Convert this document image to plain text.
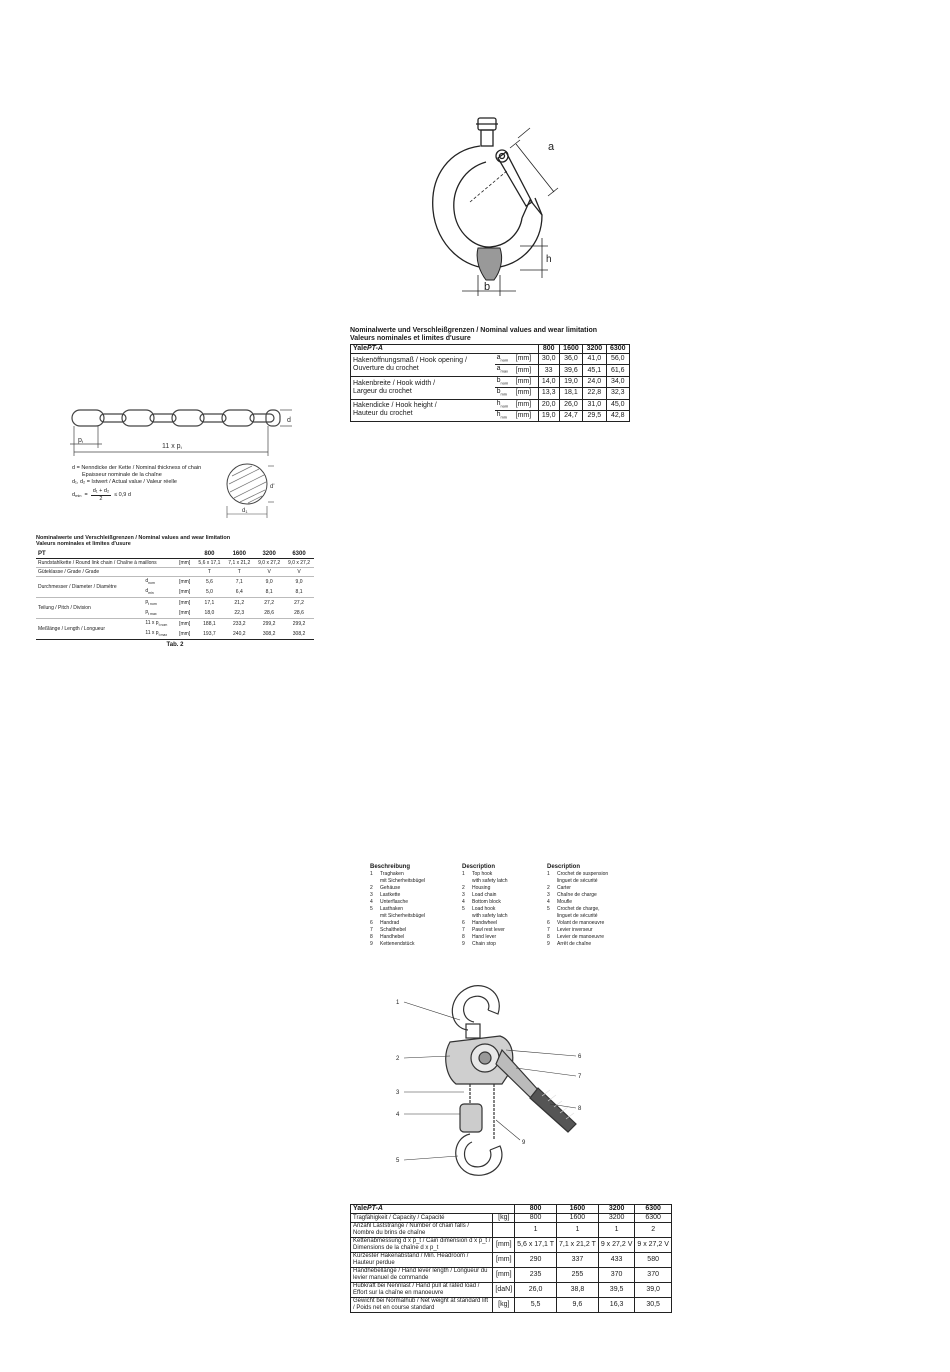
a
h
b
Nominalwerte und Verschleißgrenzen / Nominal values and wear limitation
Valeurs nominales et limites d'usure
YalePT-A			800	1600	3200	6300
Hakenöffnungsmaß / Hook opening /
Ouverture du crochet	$a_{nom}$	[mm]	30,0	36,0	41,0	56,0
	$a_{max}$	[mm]	33	39,6	45,1	61,6
Hakenbreite / Hook width /
Largeur du crochet	$b_{nom}$	[mm]	14,0	19,0	24,0	34,0
	$b_{min}$	[mm]	13,3	18,1	22,8	32,3
Hakendicke / Hook height /
Hauteur du crochet	$h_{nom}$	[mm]	20,0	26,0	31,0	45,0
	$h_{min}$	[mm]	19,0	24,7	29,5	42,8
d
pt
11 x pt
d1
d'
d = Nenndicke der Kette / Nominal thickness of chain
Epaisseur nominale de la chaîne
d₁, d₂ = Istwert / Actual value / Valeur réelle
d $\min = \frac{\text{d₁ + d₂}}{2} \le 0,9$ d
Nominalwerte und Verschleißgrenzen / Nominal values and wear limitation
Valeurs nominales et limites d'usure
PT			800	1600	3200	6300
Rundstahlkette / Round link chain / Chaîne à maillons		[mm]	5,6 x 17,1	7,1 x 21,2	9,0 x 27,2	9,0 x 27,2
Güteklasse / Grade / Grade			T	T	V	V
Durchmesser / Diameter / Diamètre	$d_{nom}$	[mm]	5,6	7,1	9,0	9,0
	$d_{min}$	[mm]	5,0	6,4	8,1	8,1
Teilung / Pitch / Division	$p_{t nom}$	[mm]	17,1	21,2	27,2	27,2
	$p_{t max}$	[mm]	18,0	22,3	28,6	28,6
Meßlänge / Length / Longueur	11 x $p_{t nom}$	[mm]	188,1	233,2	299,2	299,2
	11 x $p_{t max}$	[mm]	193,7	240,2	308,2	308,2
Tab. 2
Beschreibung
1 Traghaken
mit Sicherheitsbügel
2 Gehäuse
3 Lastkette
4 Unterflasche
5 Lasthaken
mit Sicherheitsbügel
6 Handrad
7 Schalthebel
8 Handhebel
9 Kettenendstück
Description
1 Top hook
with safety latch
2 Housing
3 Load chain
4 Bottom block
5 Load hook
with safety latch
6 Handwheel
7 Pawl rest lever
8 Hand lever
9 Chain stop
Description
1 Crochet de suspension
linguet de sécurité
2 Carter
3 Chaîne de charge
4 Moufle
5 Crochet de charge,
linguet de sécurité
6 Volant de manoeuvre
7 Levier inverseur
8 Levier de manoeuvre
9 Arrêt de chaîne
1
2
3
4
5
6
7
8
9
YalePT-A		800	1600	3200	6300
Tragfähigkeit / Capacity / Capacité	[kg]	800	1600	3200	6300
Anzahl Laststränge / Number of chain falls /
Nombre du brins de chaîne		1	1	1	2
Kettenabmessung d x p_t / Cain dimension d x p_t /
Dimensions de la chaîne d x p_t	[mm]	5,6 x 17,1 T	7,1 x 21,2 T	9 x 27,2 V	9 x 27,2 V
Kürzester Hakenabstand / Min. Headroom /
Hauteur perdue	[mm]	290	337	433	580
Handhebellänge / Hand lever length / Longueur du
levier manuel de commande	[mm]	235	255	370	370
Hubkraft bei Nennlast / Hand pull at rated load /
Effort sur la chaîne en manoeuvre	[daN]	26,0	38,8	39,5	39,0
Gewicht bei Normalhub / Net weight at standard lift
/ Poids net en course standard	[kg]	5,5	9,6	16,3	30,5
